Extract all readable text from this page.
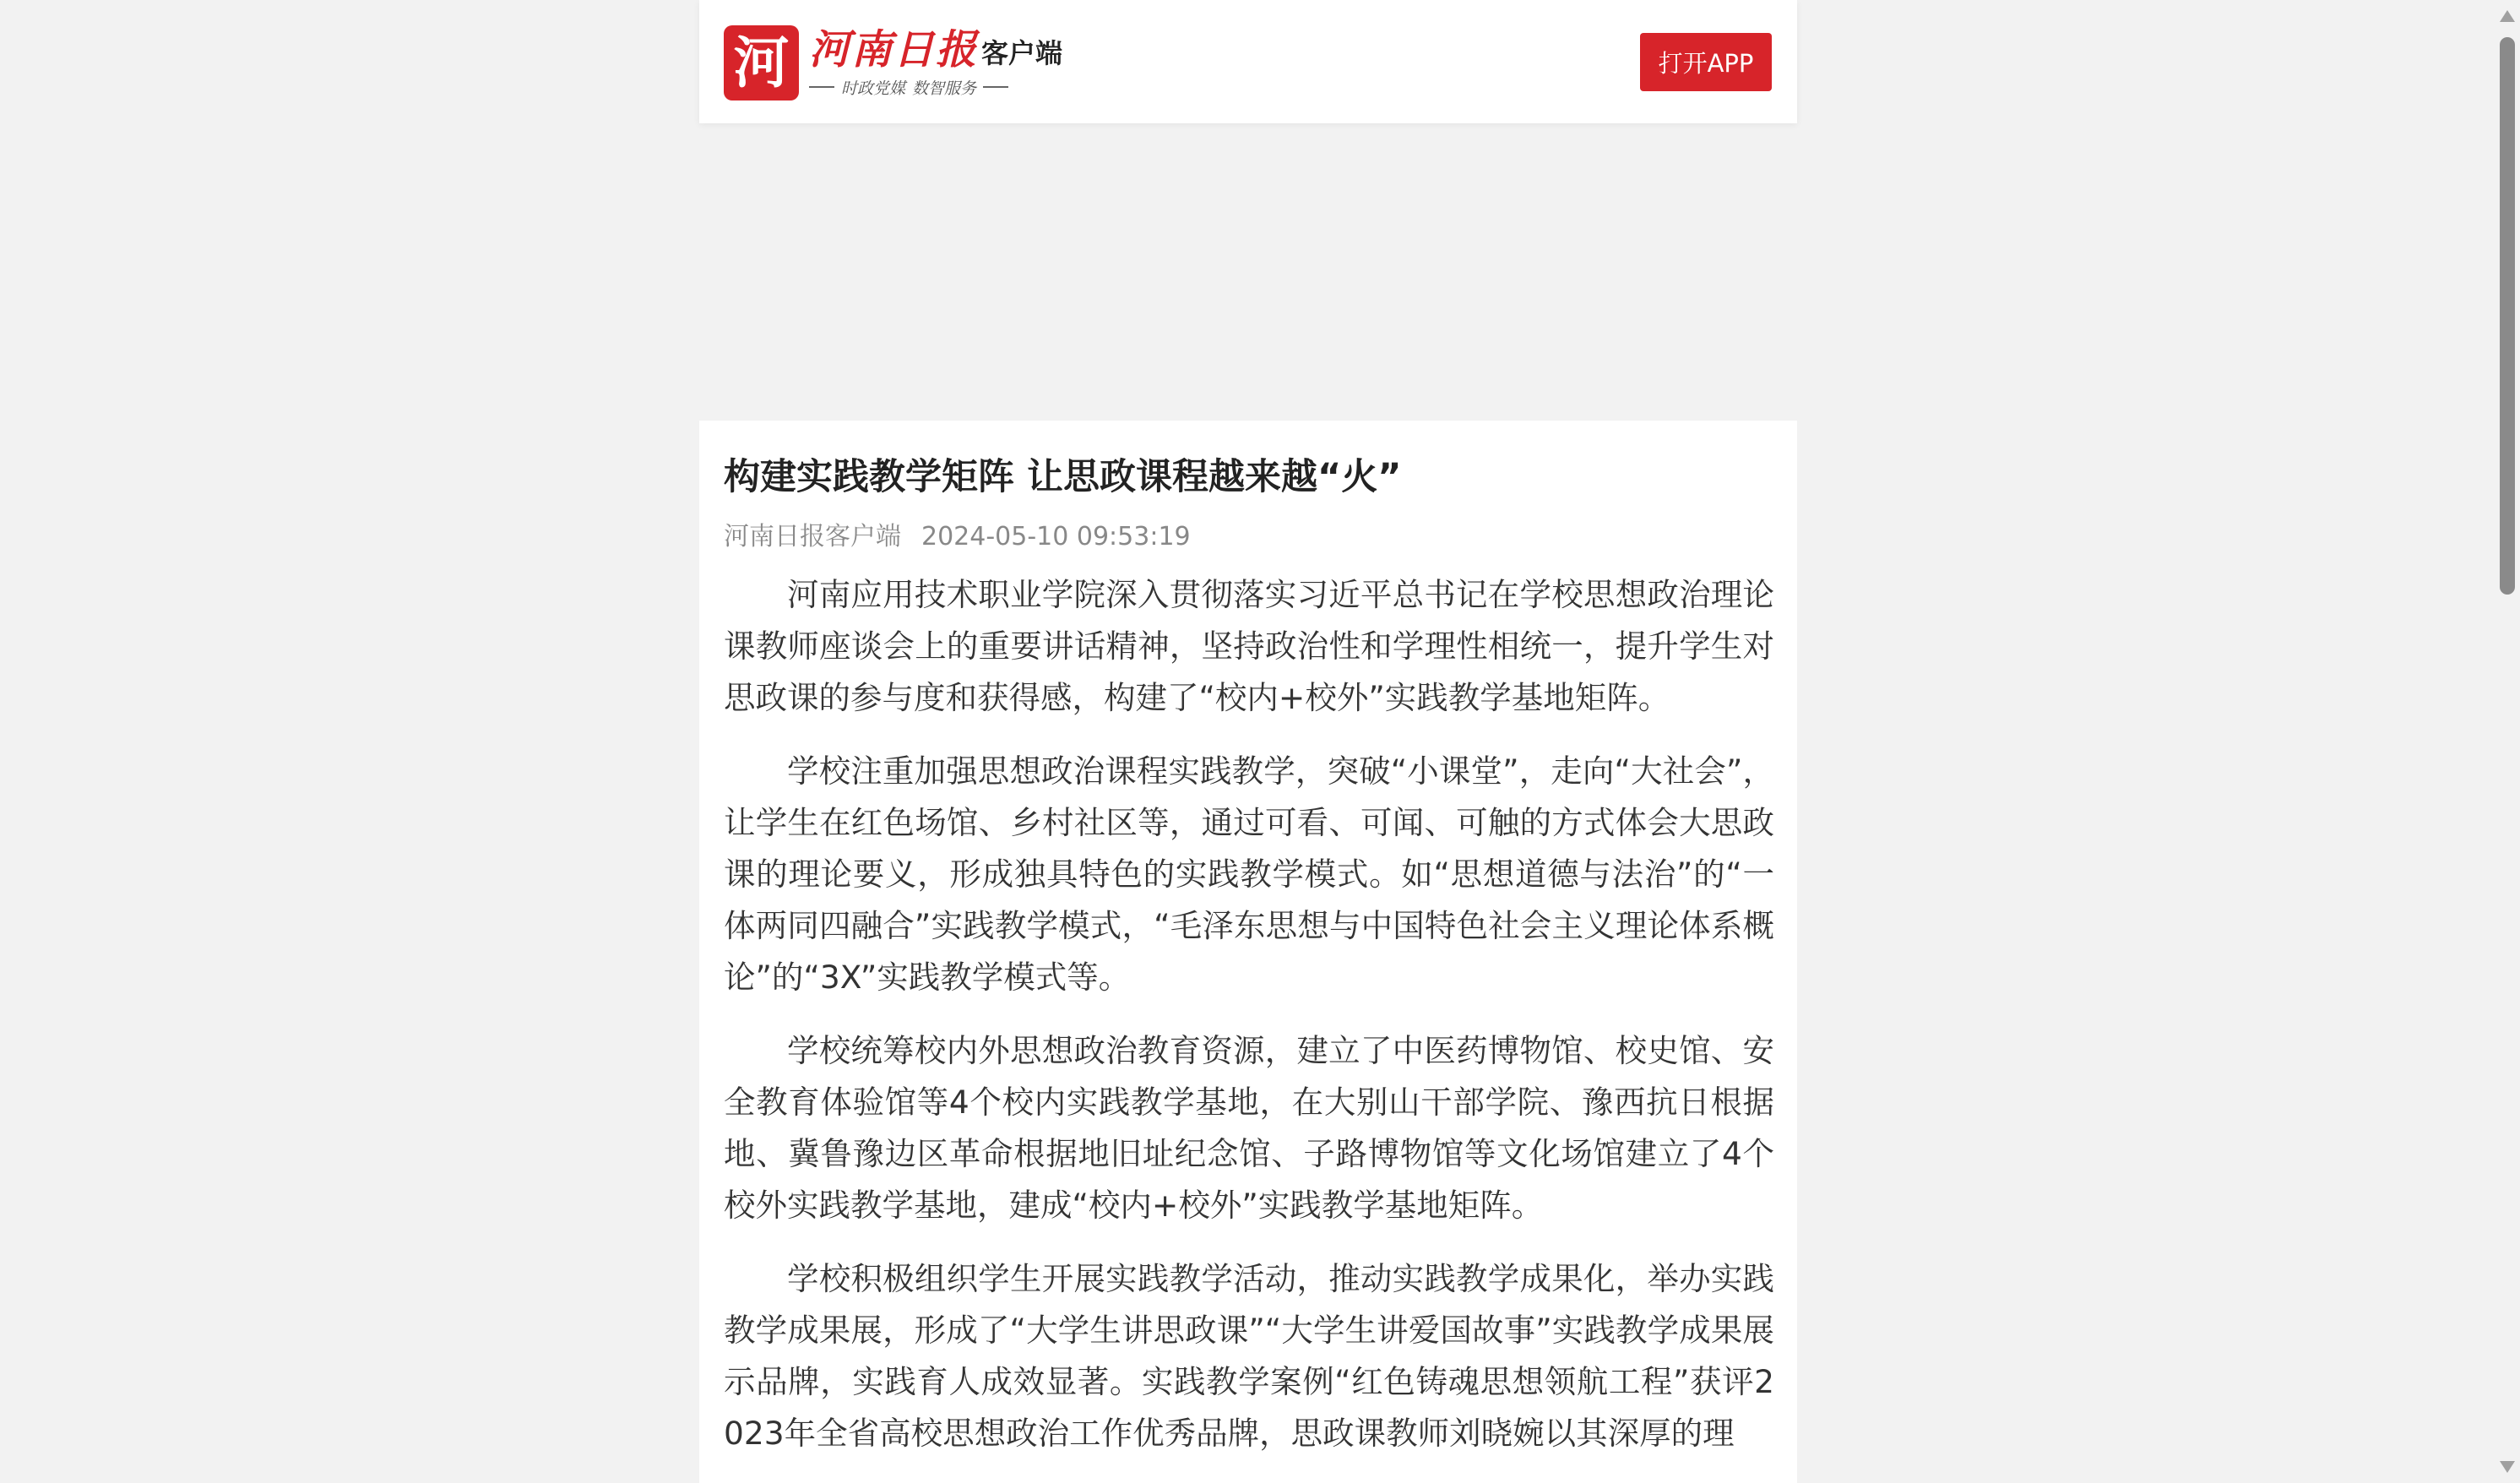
河 河南日报 客户端
时政党媒 数智服务
打开APP
构建实践教学矩阵 让思政课程越来越“火”
河南日报客户端 2024-05-10 09:53:19

河南应用技术职业学院深入贯彻落实习近平总书记在学校思想政治理论课教师座谈会上的重要讲话精神，坚持政治性和学理性相统一，提升学生对思政课的参与度和获得感，构建了“校内+校外”实践教学基地矩阵。

学校注重加强思想政治课程实践教学，突破“小课堂”，走向“大社会”，让学生在红色场馆、乡村社区等，通过可看、可闻、可触的方式体会大思政课的理论要义，形成独具特色的实践教学模式。如“思想道德与法治”的“一体两同四融合”实践教学模式，“毛泽东思想与中国特色社会主义理论体系概论”的“3X”实践教学模式等。

学校统筹校内外思想政治教育资源，建立了中医药博物馆、校史馆、安全教育体验馆等4个校内实践教学基地，在大别山干部学院、豫西抗日根据地、冀鲁豫边区革命根据地旧址纪念馆、子路博物馆等文化场馆建立了4个校外实践教学基地，建成“校内+校外”实践教学基地矩阵。

学校积极组织学生开展实践教学活动，推动实践教学成果化，举办实践教学成果展，形成了“大学生讲思政课”“大学生讲爱国故事”实践教学成果展示品牌，实践育人成效显著。实践教学案例“红色铸魂思想领航工程”获评2023年全省高校思想政治工作优秀品牌，思政课教师刘晓婉以其深厚的理
